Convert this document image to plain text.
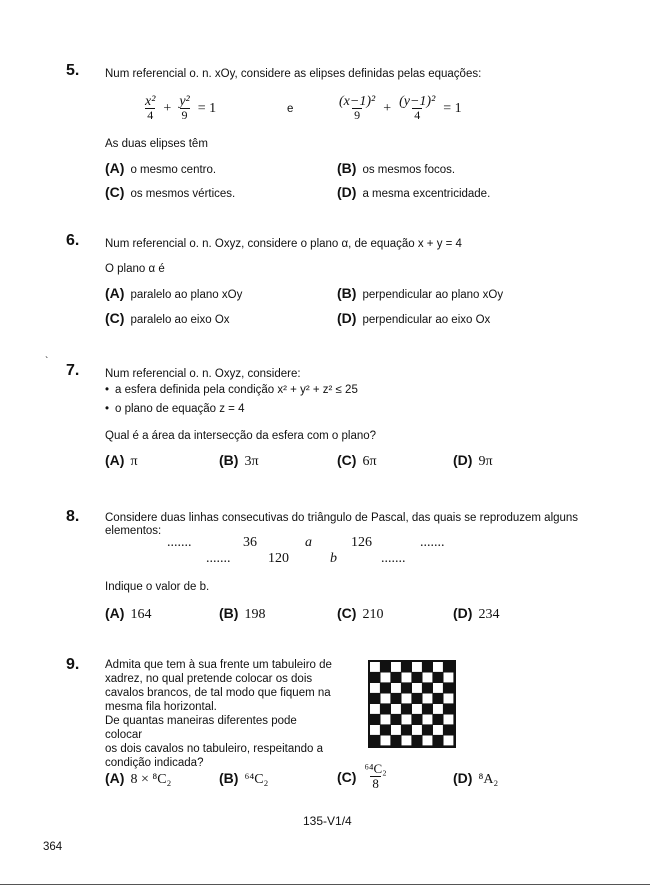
5. Num referencial o. n. xOy, considere as elipses definidas pelas equações:
$\frac{\text{x²}}{4} + \frac{\text{y²}}{9} = 1$	e	$\frac{\text{(x−1)²}}{9} + \frac{\text{(y−1)²}}{4} = 1$
As duas elipses têm
(A) o mesmo centro.	(B) os mesmos focos.
(C) os mesmos vértices.	(D) a mesma excentricidade.
6. Num referencial o. n. Oxyz, considere o plano α, de equação x + y = 4
O plano α é
(A) paralelo ao plano xOy	(B) perpendicular ao plano xOy
(C) paralelo ao eixo Ox	(D) perpendicular ao eixo Ox
`
7. Num referencial o. n. Oxyz, considere:
• a esfera definida pela condição x² + y² + z² ≤ 25
• o plano de equação z = 4
Qual é a área da intersecção da esfera com o plano?
(A) π	(B) 3π	(C) 6π	(D) 9π
8. Considere duas linhas consecutivas do triângulo de Pascal, das quais se reproduzem alguns
elementos:
.......	36	a	126	.......
.......	120	b	.......
Indique o valor de b.
(A) 164	(B) 198	(C) 210	(D) 234
9. Admita que tem à sua frente um tabuleiro de
xadrez, no qual pretende colocar os dois
cavalos brancos, de tal modo que fiquem na
mesma fila horizontal.
De quantas maneiras diferentes pode colocar
os dois cavalos no tabuleiro, respeitando a
condição indicada?
(A) 8 × ⁸C₂	(B) ⁶⁴C₂	$(C) \frac{\text{⁶⁴C₂}}{8}$	(D) ⁸A₂
135-V1/4
364
